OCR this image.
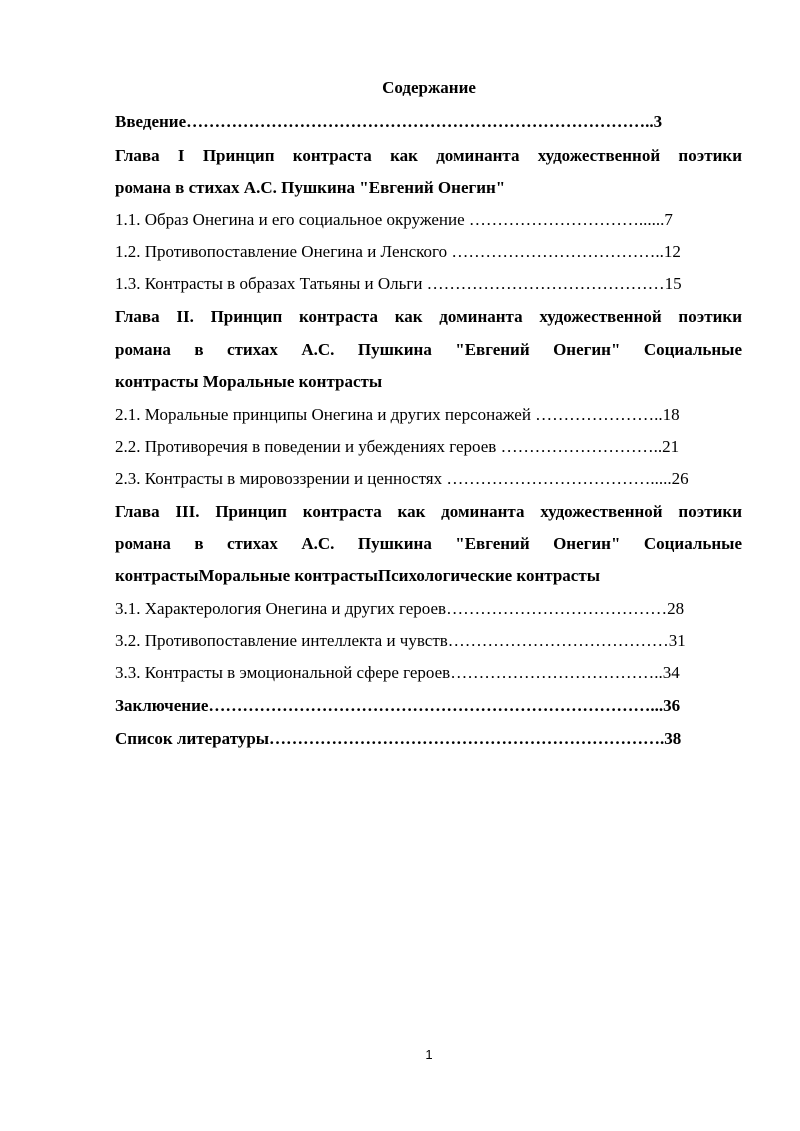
Содержание
Введение………………………………………………………………………..3
Глава I Принцип контраста как доминанта художественной поэтики
романа в стихах А.С. Пушкина "Евгений Онегин"
1.1. Образ Онегина и его социальное окружение …………………………......7
1.2. Противопоставление Онегина и Ленского ………………………………..12
1.3. Контрасты в образах Татьяны и Ольги ……………………………………15
Глава II. Принцип контраста как доминанта художественной поэтики
романа в стихах А.С. Пушкина "Евгений Онегин" Социальные
контрасты Моральные контрасты
2.1. Моральные принципы Онегина и других персонажей …………………..18
2.2. Противоречия в поведении и убеждениях героев ………………………..21
2.3. Контрасты в мировоззрении и ценностях ……………………………….....26
Глава III. Принцип контраста как доминанта художественной поэтики
романа в стихах А.С. Пушкина "Евгений Онегин" Социальные
контрастыМоральные контрастыПсихологические контрасты
3.1. Характерология Онегина и других героев…………………………………28
3.2. Противопоставление интеллекта и чувств…………………………………31
3.3. Контрасты в эмоциональной сфере героев………………………………..34
Заключение……………………………………………………………………...36
Список литературы…………………………………………………………….38
1
